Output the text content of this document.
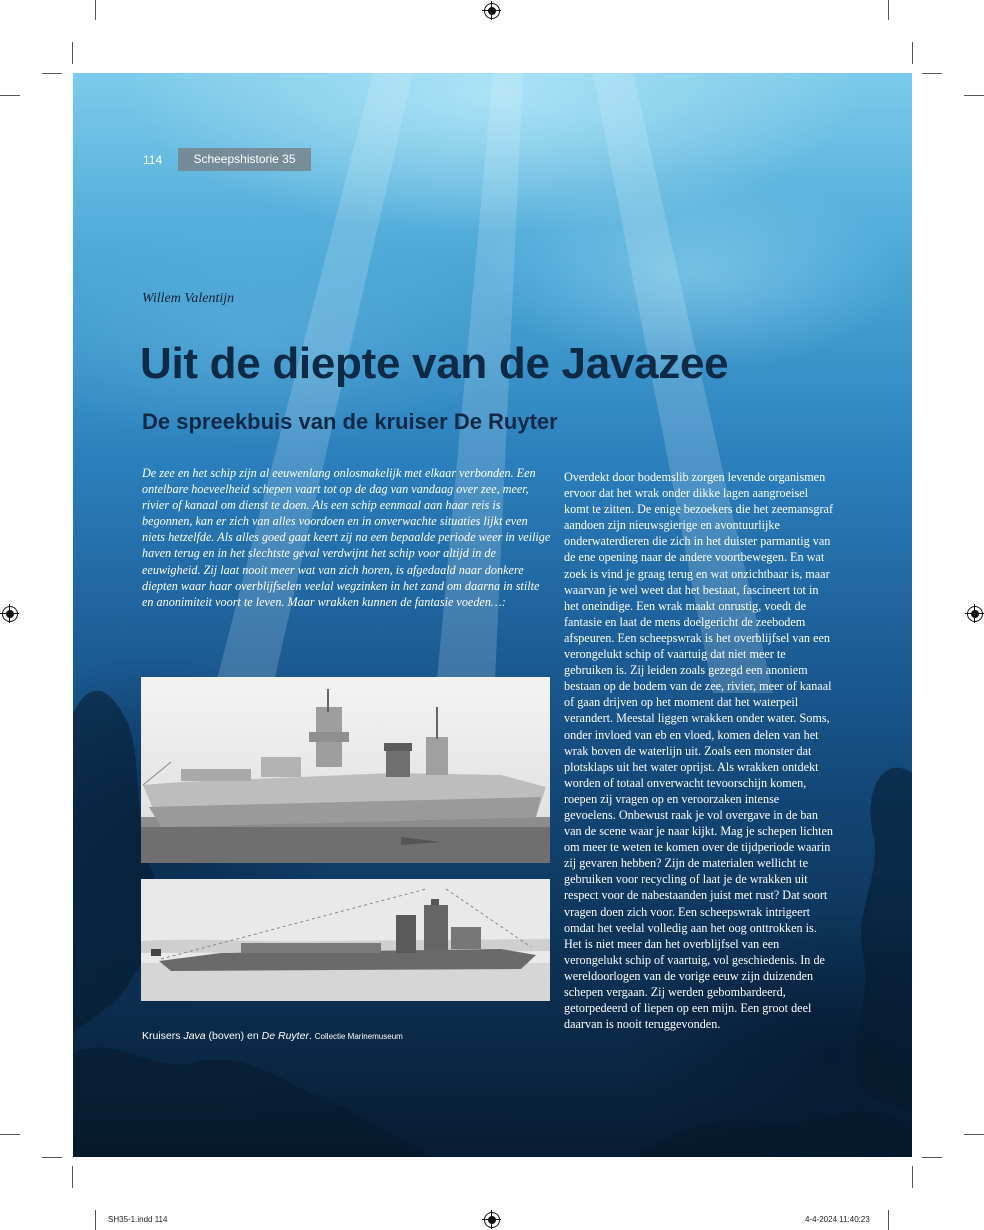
114	Scheepshistorie 35
Willem Valentijn
Uit de diepte van de Javazee
De spreekbuis van de kruiser De Ruyter

De zee en het schip zijn al eeuwenlang onlosmakelijk met elkaar verbonden. Een ontelbare hoeveelheid schepen vaart tot op de dag van vandaag over zee, meer, rivier of kanaal om dienst te doen. Als een schip eenmaal aan haar reis is begonnen, kan er zich van alles voordoen en in onverwachte situaties lijkt even niets hetzelfde. Als alles goed gaat keert zij na een bepaalde periode weer in veilige haven terug en in het slechtste geval verdwijnt het schip voor altijd in de eeuwigheid. Zij laat nooit meer wat van zich horen, is afgedaald naar donkere diepten waar haar overblijfselen veelal wegzinken in het zand om daarna in stilte en anonimiteit voort te leven. Maar wrakken kunnen de fantasie voeden…:

Overdekt door bodemslib zorgen levende organismen ervoor dat het wrak onder dikke lagen aangroeisel komt te zitten. De enige bezoekers die het zeemansgraf aandoen zijn nieuwsgierige en avontuurlijke onderwaterdieren die zich in het duister parmantig van de ene opening naar de andere voortbewegen. En wat zoek is vind je graag terug en wat onzichtbaar is, maar waarvan je wel weet dat het bestaat, fascineert tot in het oneindige. Een wrak maakt onrustig, voedt de fantasie en laat de mens doelgericht de zeebodem afspeuren. Een scheepswrak is het overblijfsel van een verongelukt schip of vaartuig dat niet meer te gebruiken is. Zij leiden zoals gezegd een anoniem bestaan op de bodem van de zee, rivier, meer of kanaal of gaan drijven op het moment dat het waterpeil verandert. Meestal liggen wrakken onder water. Soms, onder invloed van eb en vloed, komen delen van het wrak boven de waterlijn uit. Zoals een monster dat plotsklaps uit het water oprijst. Als wrakken ontdekt worden of totaal onverwacht tevoorschijn komen, roepen zij vragen op en veroorzaken intense gevoelens. Onbewust raak je vol overgave in de ban van de scene waar je naar kijkt. Mag je schepen lichten om meer te weten te komen over de tijdperiode waarin zij gevaren hebben? Zijn de materialen wellicht te gebruiken voor recycling of laat je de wrakken uit respect voor de nabestaanden juist met rust? Dat soort vragen doen zich voor. Een scheepswrak intrigeert omdat het veelal volledig aan het oog onttrokken is. Het is niet meer dan het overblijfsel van een verongelukt schip of vaartuig, vol geschiedenis. In de wereldoorlogen van de vorige eeuw zijn duizenden schepen vergaan. Zij werden gebombardeerd, getorpedeerd of liepen op een mijn. Een groot deel daarvan is nooit teruggevonden.

Kruisers Java (boven) en De Ruyter. Collectie Marinemuseum
SH35-1.indd 114	4-4-2024 11:40:23
